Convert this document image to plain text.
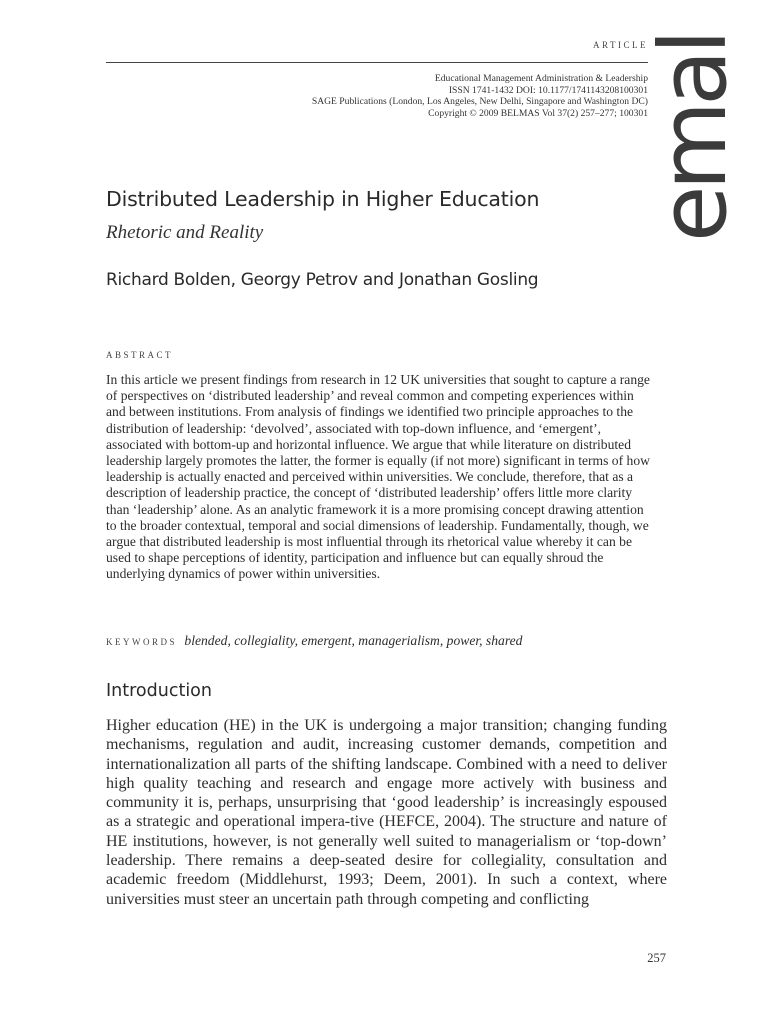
ARTICLE
Educational Management Administration & Leadership
ISSN 1741-1432 DOI: 10.1177/1741143208100301
SAGE Publications (London, Los Angeles, New Delhi, Singapore and Washington DC)
Copyright © 2009 BELMAS Vol 37(2) 257–277; 100301
emal
Distributed Leadership in Higher Education
Rhetoric and Reality
Richard Bolden, Georgy Petrov and Jonathan Gosling
ABSTRACT

In this article we present findings from research in 12 UK universities that sought to capture a range of perspectives on ‘distributed leadership’ and reveal common and competing experiences within and between institutions. From analysis of findings we identified two principle approaches to the distribution of leadership: ‘devolved’, associated with top-down influence, and ‘emergent’, associated with bottom-up and horizontal influence. We argue that while literature on distributed leadership largely promotes the latter, the former is equally (if not more) significant in terms of how leadership is actually enacted and perceived within universities. We conclude, therefore, that as a description of leadership practice, the concept of ‘distributed leadership’ offers little more clarity than ‘leadership’ alone. As an analytic framework it is a more promising concept drawing attention to the broader contextual, temporal and social dimensions of leadership. Fundamentally, though, we argue that distributed leadership is most influential through its rhetorical value whereby it can be used to shape perceptions of identity, participation and influence but can equally shroud the underlying dynamics of power within universities.

KEYWORDS blended, collegiality, emergent, managerialism, power, shared
Introduction

Higher education (HE) in the UK is undergoing a major transition; changing funding mechanisms, regulation and audit, increasing customer demands, competition and internationalization all parts of the shifting landscape. Combined with a need to deliver high quality teaching and research and engage more actively with business and community it is, perhaps, unsurprising that ‘good leadership’ is increasingly espoused as a strategic and operational impera-tive (HEFCE, 2004). The structure and nature of HE institutions, however, is not generally well suited to managerialism or ‘top-down’ leadership. There remains a deep-seated desire for collegiality, consultation and academic freedom (Middlehurst, 1993; Deem, 2001). In such a context, where universities must steer an uncertain path through competing and conflicting

257
